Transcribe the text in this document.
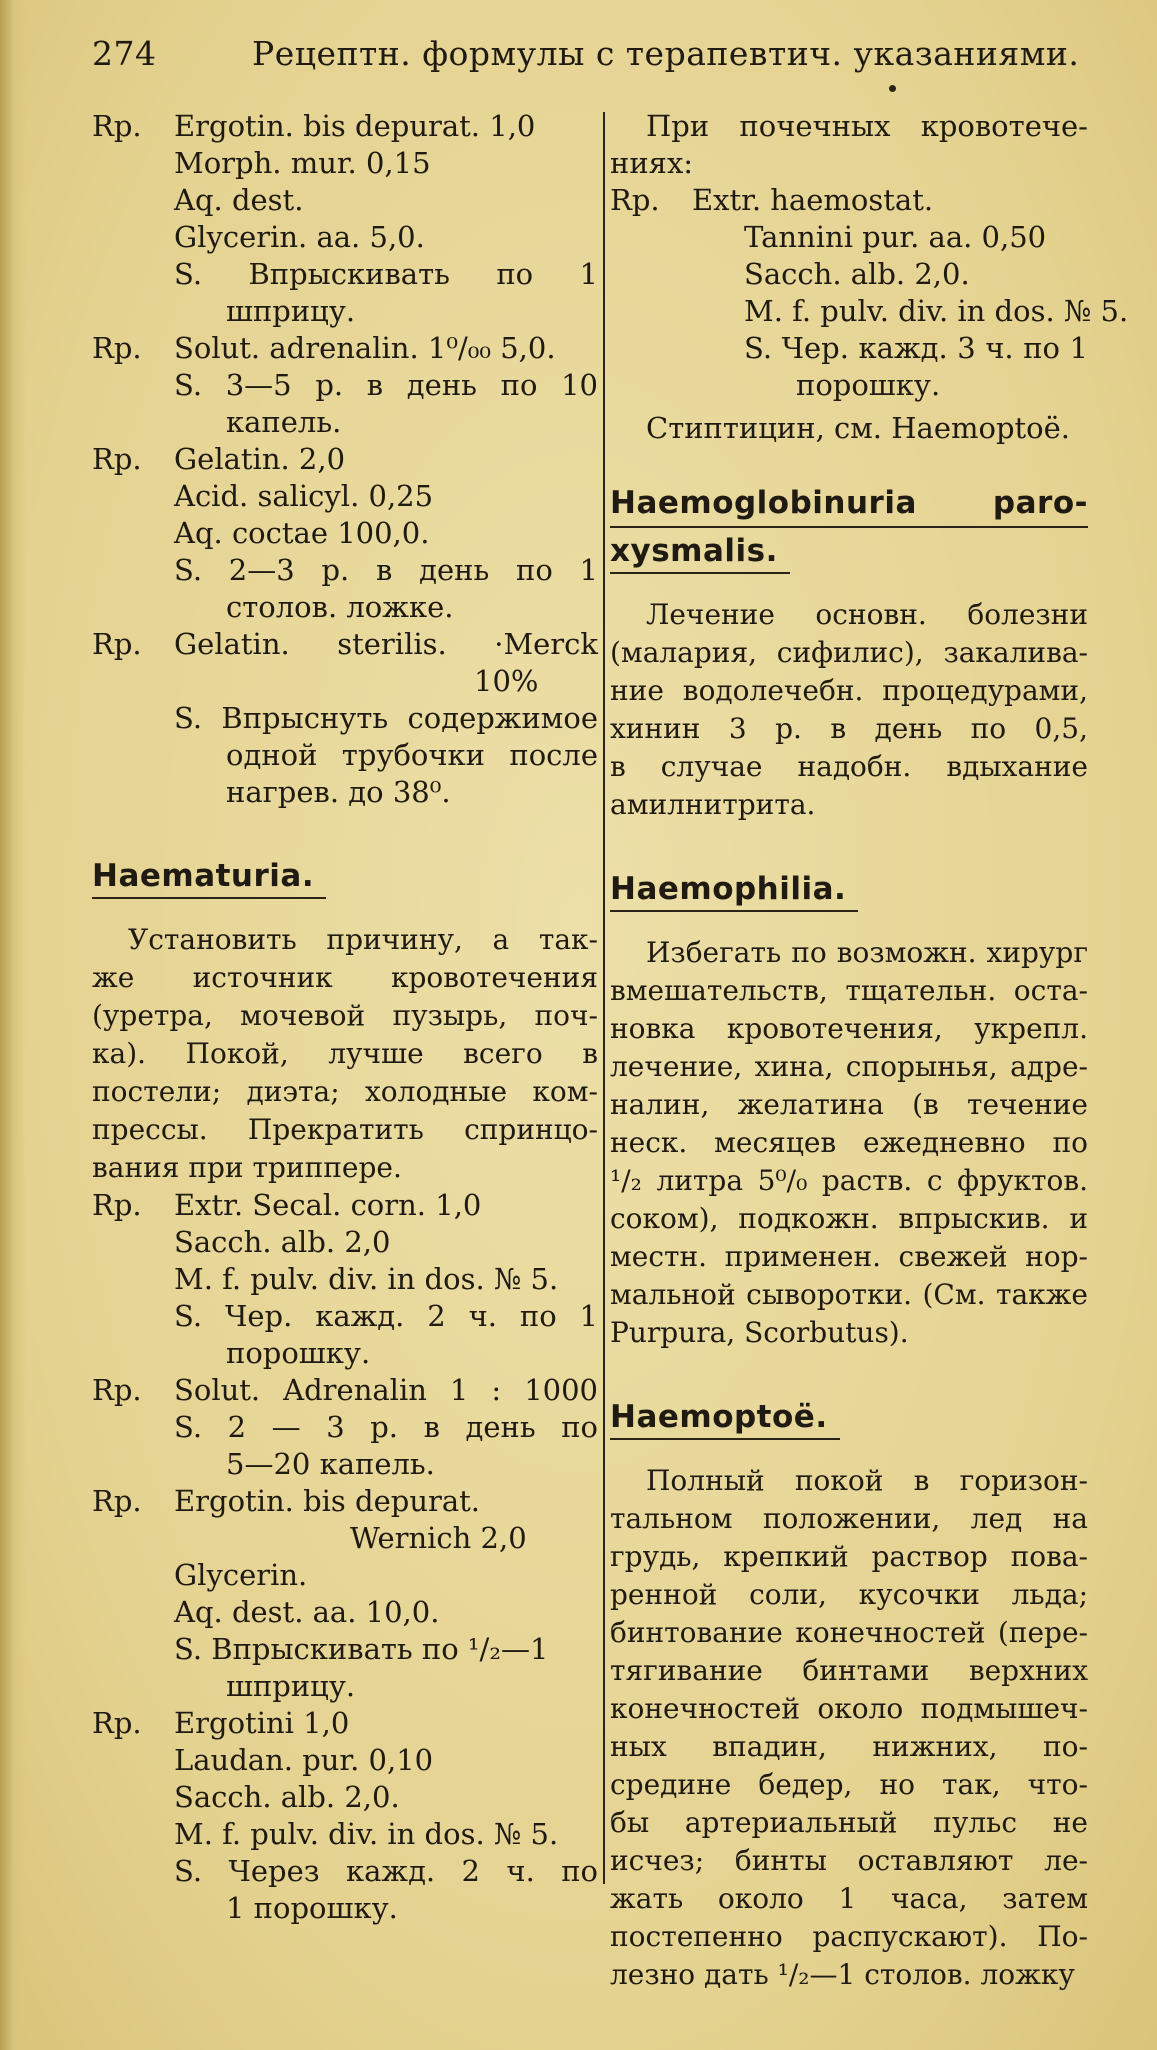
274	Рецептн. формулы с терапевтич. указаниями.
Rp. Ergotin. bis depurat. 1,0
Morph. mur. 0,15
Aq. dest.
Glycerin. aa. 5,0.
S. Впрыскивать по 1
шприцу.
Rp. Solut. adrenalin. 1⁰/₀₀ 5,0.
S. 3—5 р. в день по 10
капель.
Rp. Gelatin. 2,0
Acid. salicyl. 0,25
Aq. coctae 100,0.
S. 2—3 р. в день по 1
столов. ложке.
Rp. Gelatin. sterilis. ·Merck
10%
S. Впрыснуть содержимое
одной трубочки после
нагрев. до 38⁰.
Haematuria.
Установить причину, а так-
же источник кровотечения
(уретра, мочевой пузырь, поч-
ка). Покой, лучше всего в
постели; диэта; холодные ком-
прессы. Прекратить спринцо-
вания при триппере.
Rp. Extr. Secal. corn. 1,0
Sacch. alb. 2,0
M. f. pulv. div. in dos. № 5.
S. Чер. кажд. 2 ч. по 1
порошку.
Rp. Solut. Adrenalin 1 : 1000
S. 2 — 3 р. в день по
5—20 капель.
Rp. Ergotin. bis depurat.
Wernich 2,0
Glycerin.
Aq. dest. aa. 10,0.
S. Впрыскивать по ¹/₂—1
шприцу.
Rp. Ergotini 1,0
Laudan. pur. 0,10
Sacch. alb. 2,0.
M. f. pulv. div. in dos. № 5.
S. Через кажд. 2 ч. по
1 порошку.
При почечных кровотече-
ниях:
Rp. Extr. haemostat.
Tannini pur. aa. 0,50
Sacch. alb. 2,0.
M. f. pulv. div. in dos. № 5.
S. Чер. кажд. 3 ч. по 1
порошку.
Стиптицин, см. Haemoptoë.
Haemoglobinuria paro-
xysmalis.
Лечение основн. болезни
(малария, сифилис), закалива-
ние водолечебн. процедурами,
хинин 3 р. в день по 0,5,
в случае надобн. вдыхание
амилнитрита.
Haemophilia.
Избегать по возможн. хирург
вмешательств, тщательн. оста-
новка кровотечения, укрепл.
лечение, хина, спорынья, адре-
налин, желатина (в течение
неск. месяцев ежедневно по
¹/₂ литра 5⁰/₀ раств. с фруктов.
соком), подкожн. впрыскив. и
местн. применен. свежей нор-
мальной сыворотки. (См. также
Purpura, Scorbutus).
Haemoptoë.
Полный покой в горизон-
тальном положении, лед на
грудь, крепкий раствор пова-
ренной соли, кусочки льда;
бинтование конечностей (пере-
тягивание бинтами верхних
конечностей около подмышеч-
ных впадин, нижних, по-
средине бедер, но так, что-
бы артериальный пульс не
исчез; бинты оставляют ле-
жать около 1 часа, затем
постепенно распускают). По-
лезно дать ¹/₂—1 столов. ложку
